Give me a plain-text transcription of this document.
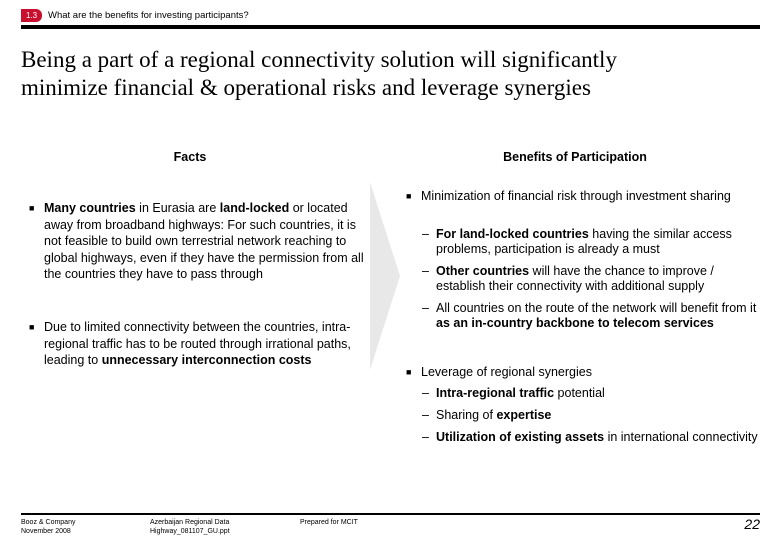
1.3	What are the benefits for investing participants?
Being a part of a regional connectivity solution will significantly
minimize financial & operational risks and leverage synergies
Facts	Benefits of Participation
■ Many countries in Eurasia are land-locked or located away from broadband highways: For such countries, it is not feasible to build own terrestrial network reaching to global highways, even if they have the permission from all the countries they have to pass through
■ Due to limited connectivity between the countries, intra-regional traffic has to be routed through irrational paths, leading to unnecessary interconnection costs
■ Minimization of financial risk through investment sharing
– For land-locked countries having the similar access problems, participation is already a must
– Other countries will have the chance to improve / establish their connectivity with additional supply
– All countries on the route of the network will benefit from it as an in-country backbone to telecom services
■ Leverage of regional synergies
– Intra-regional traffic potential
– Sharing of expertise
– Utilization of existing assets in international connectivity
Booz & Company
November 2008
Azerbaijan Regional Data
Highway_081107_GU.ppt
Prepared for MCIT	22
